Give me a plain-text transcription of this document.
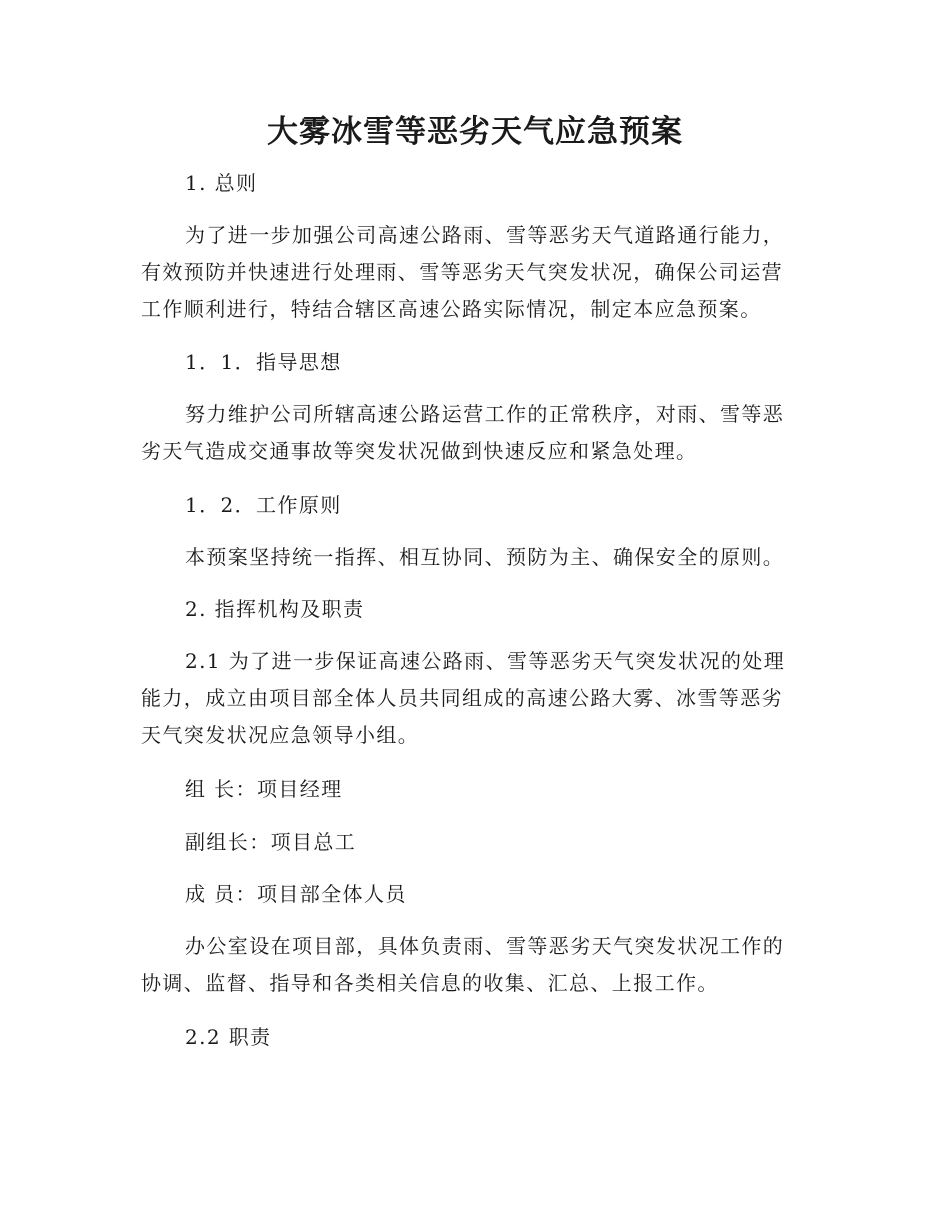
大雾冰雪等恶劣天气应急预案

1. 总则

为了进一步加强公司高速公路雨、雪等恶劣天气道路通行能力，
有效预防并快速进行处理雨、雪等恶劣天气突发状况，确保公司运营
工作顺利进行，特结合辖区高速公路实际情况，制定本应急预案。

1．1．指导思想

努力维护公司所辖高速公路运营工作的正常秩序，对雨、雪等恶
劣天气造成交通事故等突发状况做到快速反应和紧急处理。

1．2．工作原则

本预案坚持统一指挥、相互协同、预防为主、确保安全的原则。

2. 指挥机构及职责

2.1 为了进一步保证高速公路雨、雪等恶劣天气突发状况的处理
能力，成立由项目部全体人员共同组成的高速公路大雾、冰雪等恶劣
天气突发状况应急领导小组。

组 长：项目经理

副组长：项目总工

成 员：项目部全体人员

办公室设在项目部，具体负责雨、雪等恶劣天气突发状况工作的
协调、监督、指导和各类相关信息的收集、汇总、上报工作。

2.2 职责
